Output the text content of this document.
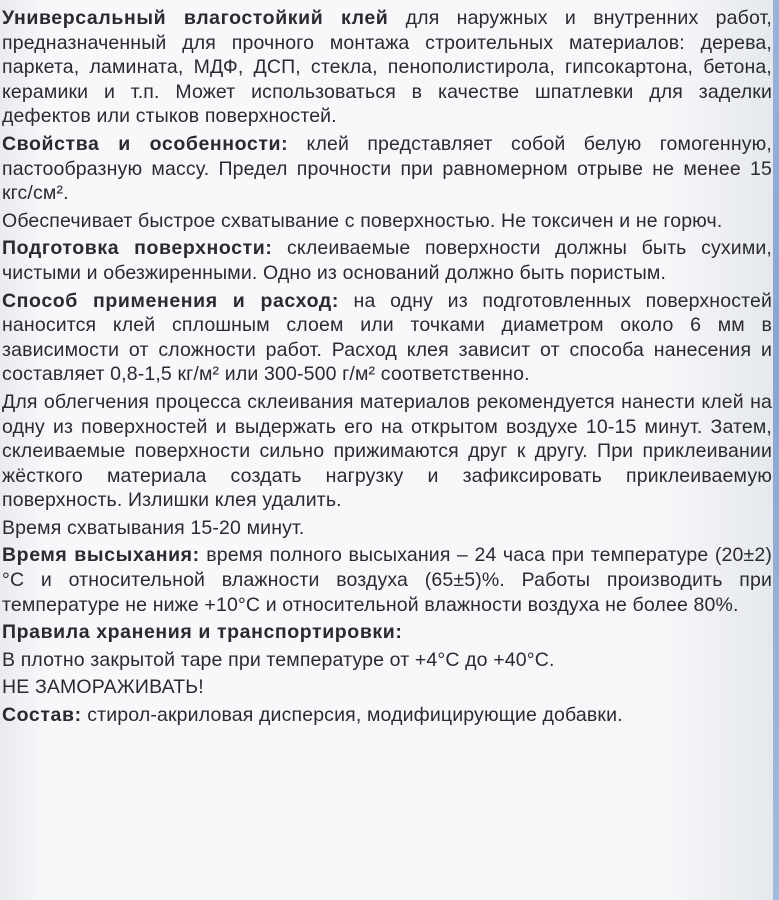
Универсальный влагостойкий клей для наружных и внутренних работ, предназначенный для прочного монтажа строительных материалов: дерева, паркета, ламината, МДФ, ДСП, стекла, пенополистирола, гипсокартона, бетона, керамики и т.п. Может использоваться в качестве шпатлевки для заделки дефектов или стыков поверхностей.

Свойства и особенности: клей представляет собой белую гомогенную, пастообразную массу. Предел прочности при равномерном отрыве не менее 15 кгс/см².

Обеспечивает быстрое схватывание с поверхностью. Не токсичен и не горюч.

Подготовка поверхности: склеиваемые поверхности должны быть сухими, чистыми и обезжиренными. Одно из оснований должно быть пористым.

Способ применения и расход: на одну из подготовленных поверхностей наносится клей сплошным слоем или точками диаметром около 6 мм в зависимости от сложности работ. Расход клея зависит от способа нанесения и составляет 0,8-1,5 кг/м² или 300-500 г/м² соответственно.

Для облегчения процесса склеивания материалов рекомендуется нанести клей на одну из поверхностей и выдержать его на открытом воздухе 10-15 минут. Затем, склеиваемые поверхности сильно прижимаются друг к другу. При приклеивании жёсткого материала создать нагрузку и зафиксировать приклеиваемую поверхность. Излишки клея удалить.

Время схватывания 15-20 минут.

Время высыхания: время полного высыхания – 24 часа при температуре (20±2)°С и относительной влажности воздуха (65±5)%. Работы производить при температуре не ниже +10°С и относительной влажности воздуха не более 80%.

Правила хранения и транспортировки:

В плотно закрытой таре при температуре от +4°С до +40°С.

НЕ ЗАМОРАЖИВАТЬ!

Состав: стирол-акриловая дисперсия, модифицирующие добавки.
